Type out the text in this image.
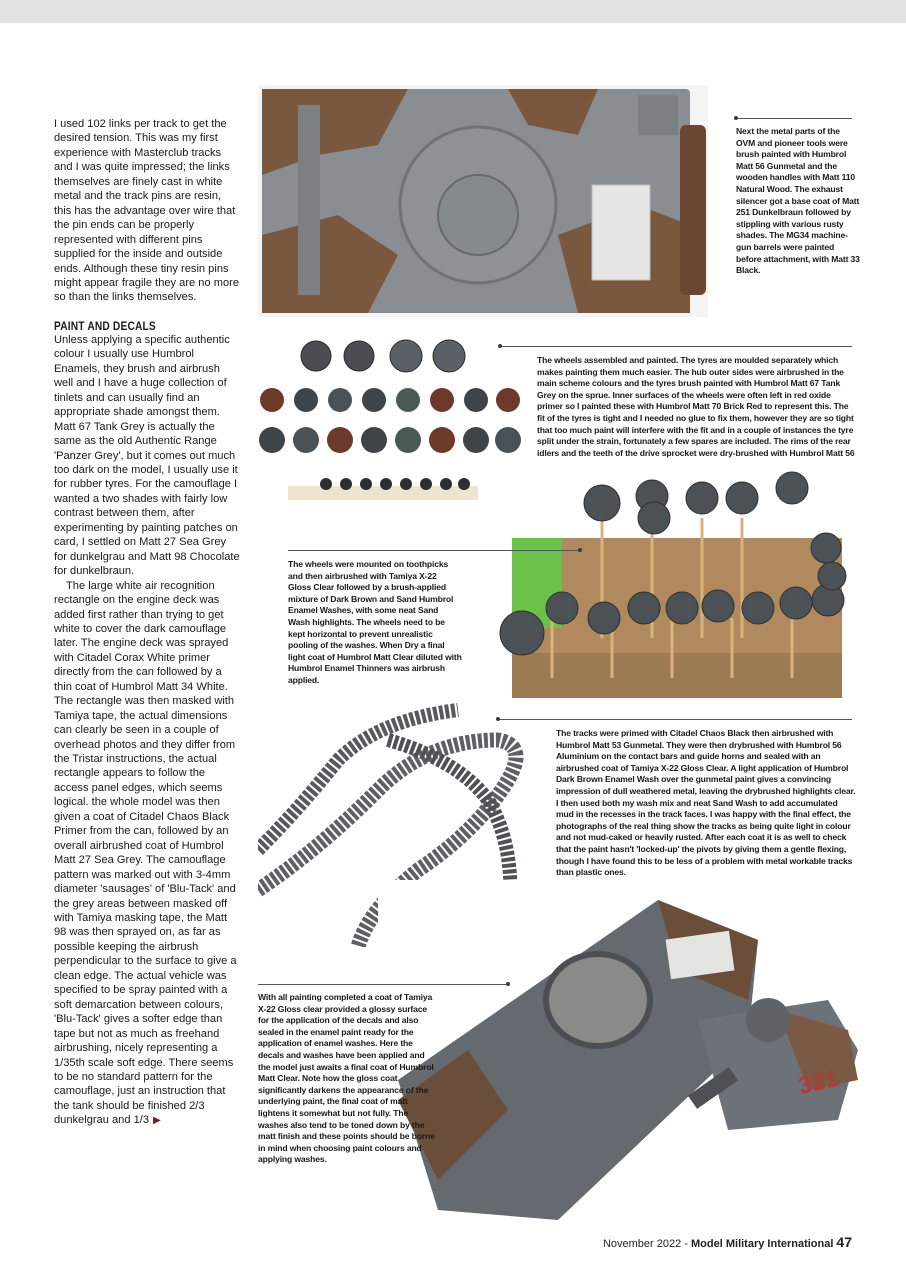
Next the metal parts of the OVM and pioneer tools were brush painted with Humbrol Matt 56 Gunmetal and the wooden handles with Matt 110 Natural Wood. The exhaust silencer got a base coat of Matt 251 Dunkelbraun followed by stippling with various rusty shades. The MG34 machine-gun barrels were painted before attachment, with Matt 33 Black.
The wheels assembled and painted. The tyres are moulded separately which makes painting them much easier. The hub outer sides were airbrushed in the main scheme colours and the tyres brush painted with Humbrol Matt 67 Tank Grey on the sprue. Inner surfaces of the wheels were often left in red oxide primer so I painted these with Humbrol Matt 70 Brick Red to represent this. The fit of the tyres is tight and I needed no glue to fix them, however they are so tight that too much paint will interfere with the fit and in a couple of instances the tyre split under the strain, fortunately a few spares are included. The rims of the rear idlers and the teeth of the drive sprocket were dry-brushed with Humbrol Matt 56
The wheels were mounted on toothpicks and then airbrushed with Tamiya X-22 Gloss Clear followed by a brush-applied mixture of Dark Brown and Sand Humbrol Enamel Washes, with some neat Sand Wash highlights. The wheels need to be kept horizontal to prevent unrealistic pooling of the washes. When Dry a final light coat of Humbrol Matt Clear diluted with Humbrol Enamel Thinners was airbrush applied.
The tracks were primed with Citadel Chaos Black then airbrushed with Humbrol Matt 53 Gunmetal. They were then drybrushed with Humbrol 56 Aluminium on the contact bars and guide horns and sealed with an airbrushed coat of Tamiya X-22 Gloss Clear. A light application of Humbrol Dark Brown Enamel Wash over the gunmetal paint gives a convincing impression of dull weathered metal, leaving the drybrushed highlights clear. I then used both my wash mix and neat Sand Wash to add accumulated mud in the recesses in the track faces. I was happy with the final effect, the photographs of the real thing show the tracks as being quite light in colour and not mud-caked or heavily rusted. After each coat it is as well to check that the paint hasn't 'locked-up' the pivots by giving them a gentle flexing, though I have found this to be less of a problem with metal workable tracks than plastic ones.
321
With all painting completed a coat of Tamiya X-22 Gloss clear provided a glossy surface for the application of the decals and also sealed in the enamel paint ready for the application of enamel washes. Here the decals and washes have been applied and the model just awaits a final coat of Humbrol Matt Clear. Note how the gloss coat significantly darkens the appearance of the underlying paint, the final coat of matt lightens it somewhat but not fully. The washes also tend to be toned down by the matt finish and these points should be borne in mind when choosing paint colours and applying washes.

I used 102 links per track to get the desired tension. This was my first experience with Masterclub tracks and I was quite impressed; the links themselves are finely cast in white metal and the track pins are resin, this has the advantage over wire that the pin ends can be properly represented with different pins supplied for the inside and outside ends. Although these tiny resin pins might appear fragile they are no more so than the links themselves.

PAINT AND DECALS

Unless applying a specific authentic colour I usually use Humbrol Enamels, they brush and airbrush well and I have a huge collection of tinlets and can usually find an appropriate shade amongst them. Matt 67 Tank Grey is actually the same as the old Authentic Range 'Panzer Grey', but it comes out much too dark on the model, I usually use it for rubber tyres. For the camouflage I wanted a two shades with fairly low contrast between them, after experimenting by painting patches on card, I settled on Matt 27 Sea Grey for dunkelgrau and Matt 98 Chocolate for dunkelbraun.

The large white air recognition rectangle on the engine deck was added first rather than trying to get white to cover the dark camouflage later. The engine deck was sprayed with Citadel Corax White primer directly from the can followed by a thin coat of Humbrol Matt 34 White. The rectangle was then masked with Tamiya tape, the actual dimensions can clearly be seen in a couple of overhead photos and they differ from the Tristar instructions, the actual rectangle appears to follow the access panel edges, which seems logical. the whole model was then given a coat of Citadel Chaos Black Primer from the can, followed by an overall airbrushed coat of Humbrol Matt 27 Sea Grey. The camouflage pattern was marked out with 3-4mm diameter 'sausages' of 'Blu-Tack' and the grey areas between masked off with Tamiya masking tape, the Matt 98 was then sprayed on, as far as possible keeping the airbrush perpendicular to the surface to give a clean edge. The actual vehicle was specified to be spray painted with a soft demarcation between colours, 'Blu-Tack' gives a softer edge than tape but not as much as freehand airbrushing, nicely representing a 1/35th scale soft edge. There seems to be no standard pattern for the camouflage, just an instruction that the tank should be finished 2/3 dunkelgrau and 1/3 ▶

November 2022 - Model Military International 47
